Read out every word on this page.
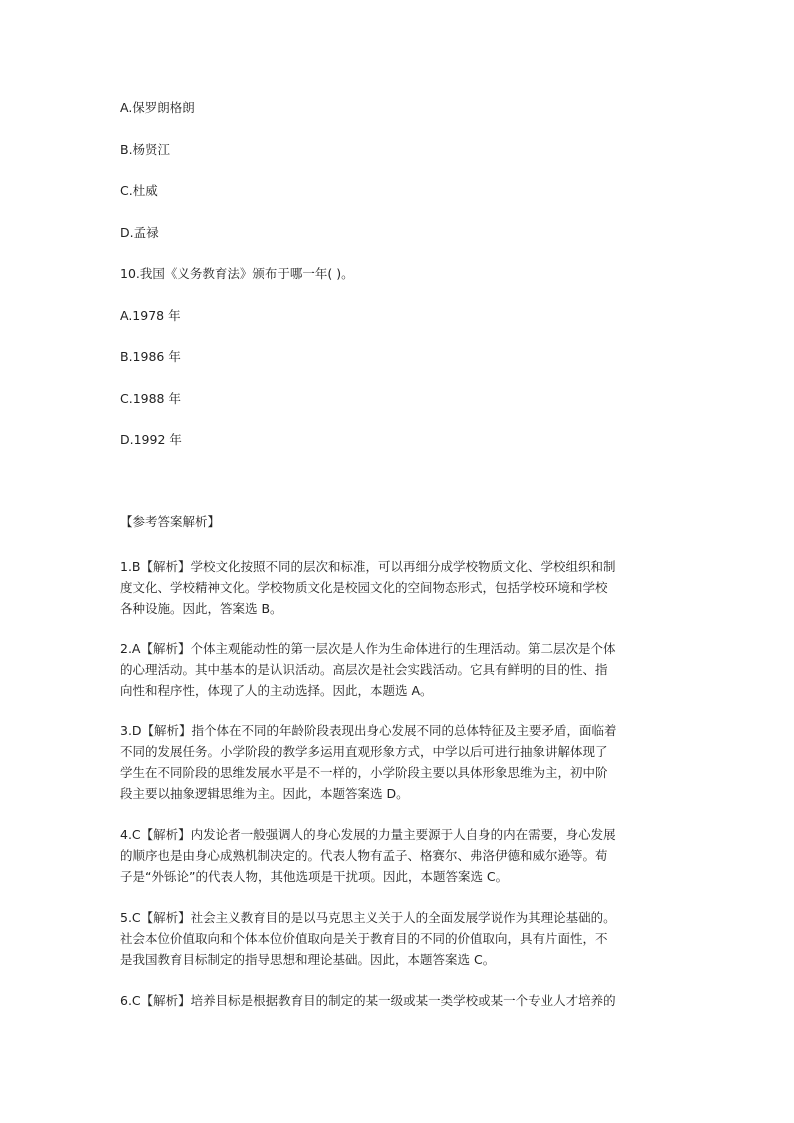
A.保罗朗格朗
B.杨贤江
C.杜威
D.孟禄
10.我国《义务教育法》颁布于哪一年( )。
A.1978 年
B.1986 年
C.1988 年
D.1992 年
【参考答案解析】
1.B【解析】学校文化按照不同的层次和标准，可以再细分成学校物质文化、学校组织和制
度文化、学校精神文化。学校物质文化是校园文化的空间物态形式，包括学校环境和学校
各种设施。因此，答案选 B。
2.A【解析】个体主观能动性的第一层次是人作为生命体进行的生理活动。第二层次是个体
的心理活动。其中基本的是认识活动。高层次是社会实践活动。它具有鲜明的目的性、指
向性和程序性，体现了人的主动选择。因此，本题选 A。
3.D【解析】指个体在不同的年龄阶段表现出身心发展不同的总体特征及主要矛盾，面临着
不同的发展任务。小学阶段的教学多运用直观形象方式，中学以后可进行抽象讲解体现了
学生在不同阶段的思维发展水平是不一样的，小学阶段主要以具体形象思维为主，初中阶
段主要以抽象逻辑思维为主。因此，本题答案选 D。
4.C【解析】内发论者一般强调人的身心发展的力量主要源于人自身的内在需要，身心发展
的顺序也是由身心成熟机制决定的。代表人物有孟子、格赛尔、弗洛伊德和威尔逊等。荀
子是“外铄论”的代表人物，其他选项是干扰项。因此，本题答案选 C。
5.C【解析】社会主义教育目的是以马克思主义关于人的全面发展学说作为其理论基础的。
社会本位价值取向和个体本位价值取向是关于教育目的不同的价值取向，具有片面性，不
是我国教育目标制定的指导思想和理论基础。因此，本题答案选 C。
6.C【解析】培养目标是根据教育目的制定的某一级或某一类学校或某一个专业人才培养的
